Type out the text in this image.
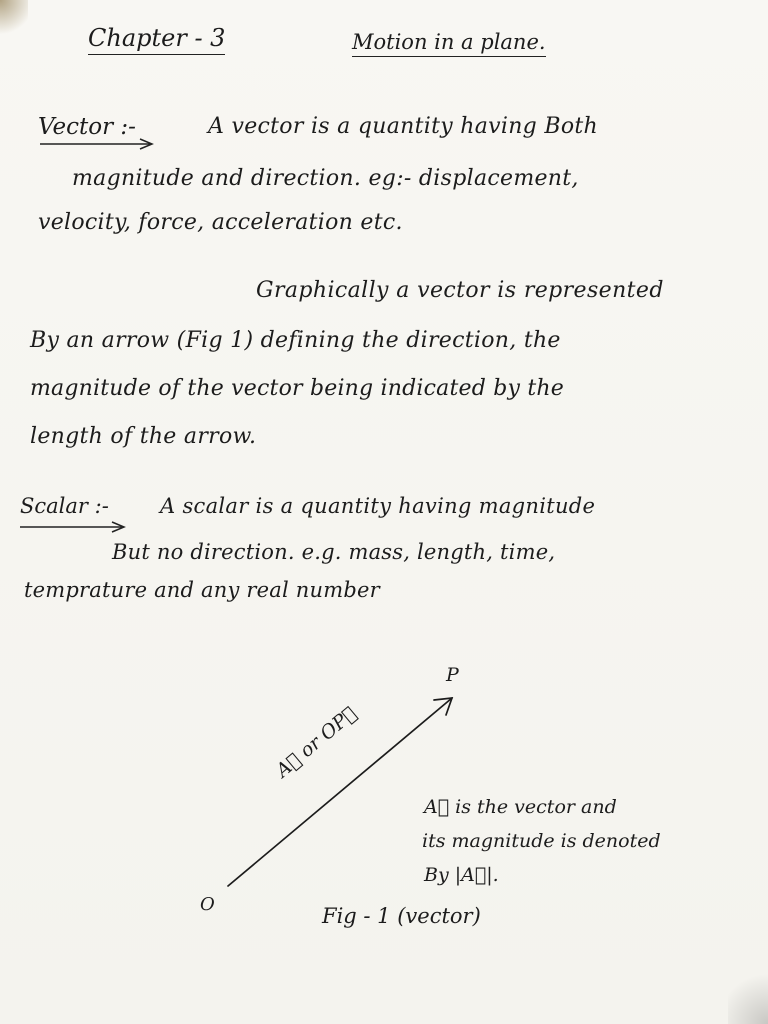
Chapter - 3	Motion in a plane.
Vector :-	A vector is a quantity having Both
magnitude and direction. eg:- displacement,
velocity, force, acceleration etc.
Graphically a vector is represented
By an arrow (Fig 1) defining the direction, the
magnitude of the vector being indicated by the
length of the arrow.
Scalar :- A scalar is a quantity having magnitude
But no direction. e.g. mass, length, time,
temprature and any real number
P
O
A⃗ or OP⃗
A⃗ is the vector and
its magnitude is denoted
By |A⃗|.
Fig - 1 (vector)
